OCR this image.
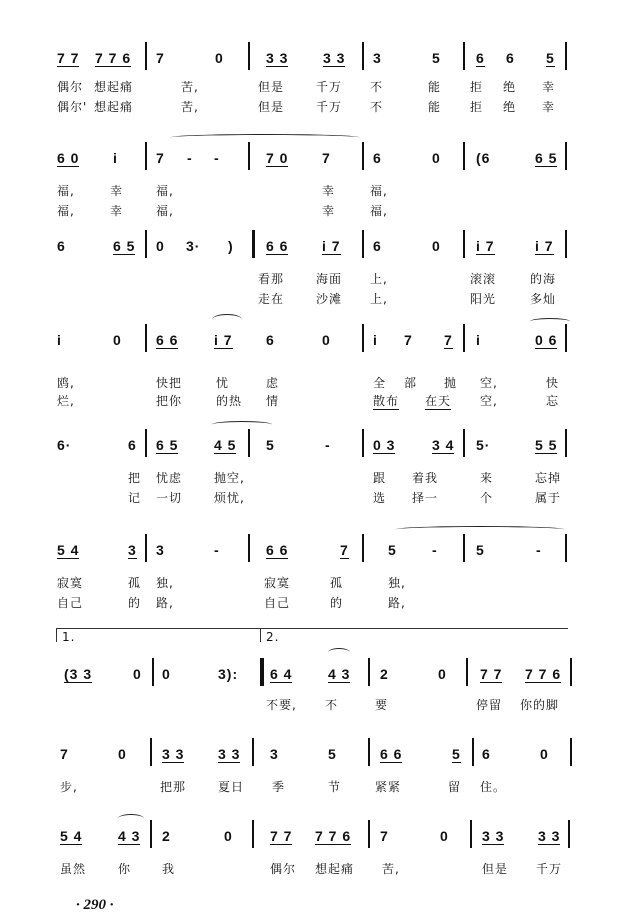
7 7 7 7 6 7	0	3 3 3 3 3	5	6 6 5
偶尔 想起痛	苦,	但是	千万 不	能 拒 绝 幸
偶尔' 想起痛	苦,	但是	千万 不	能 拒 绝 幸
6 0 i	7 - -	7 0 7	6	0	(6	6 5
福,	幸	福,	幸	福,
福,	幸	福,	幸	福,
6	6 5 0 3· ) 6 6 i 7 6	0	i 7	i 7
看那	海面 上,	滚滚	的海
走在	沙滩 上,	阳光	多灿
i	0 6 6	i 7 6	0	i 7 7 i	0 6
鸥,	快把	忧	虑	全 部 抛 空,	快
烂,	把你	的热 情	散布 在天 空,	忘
6·	6 6 5	4 5 5	-	0 3	3 4 5·	5 5
把 忧虑	抛空,	跟 着我	来	忘掉
记 一切	烦忧,	选 择一	个	属于
5 4	3 3	-	6 6	7	5	-	5	-
寂寞	孤 独,	寂寞	孤	独,
自己	的 路,	自己	的	路,
1.	2.
(3 3	0 0	3): 6 4	4 3 2	0 7 7 7 7 6
不要, 不	要	停留 你的脚
7	0	3 3 3 3 3	5	6 6	5 6	0
步,	把那	夏日 季	节	紧紧	留 住。
5 4	4 3 2	0	7 7 7 7 6 7	0 3 3 3 3
虽然	你	我	偶尔 想起痛 苦,	但是 千万
· 290 ·
